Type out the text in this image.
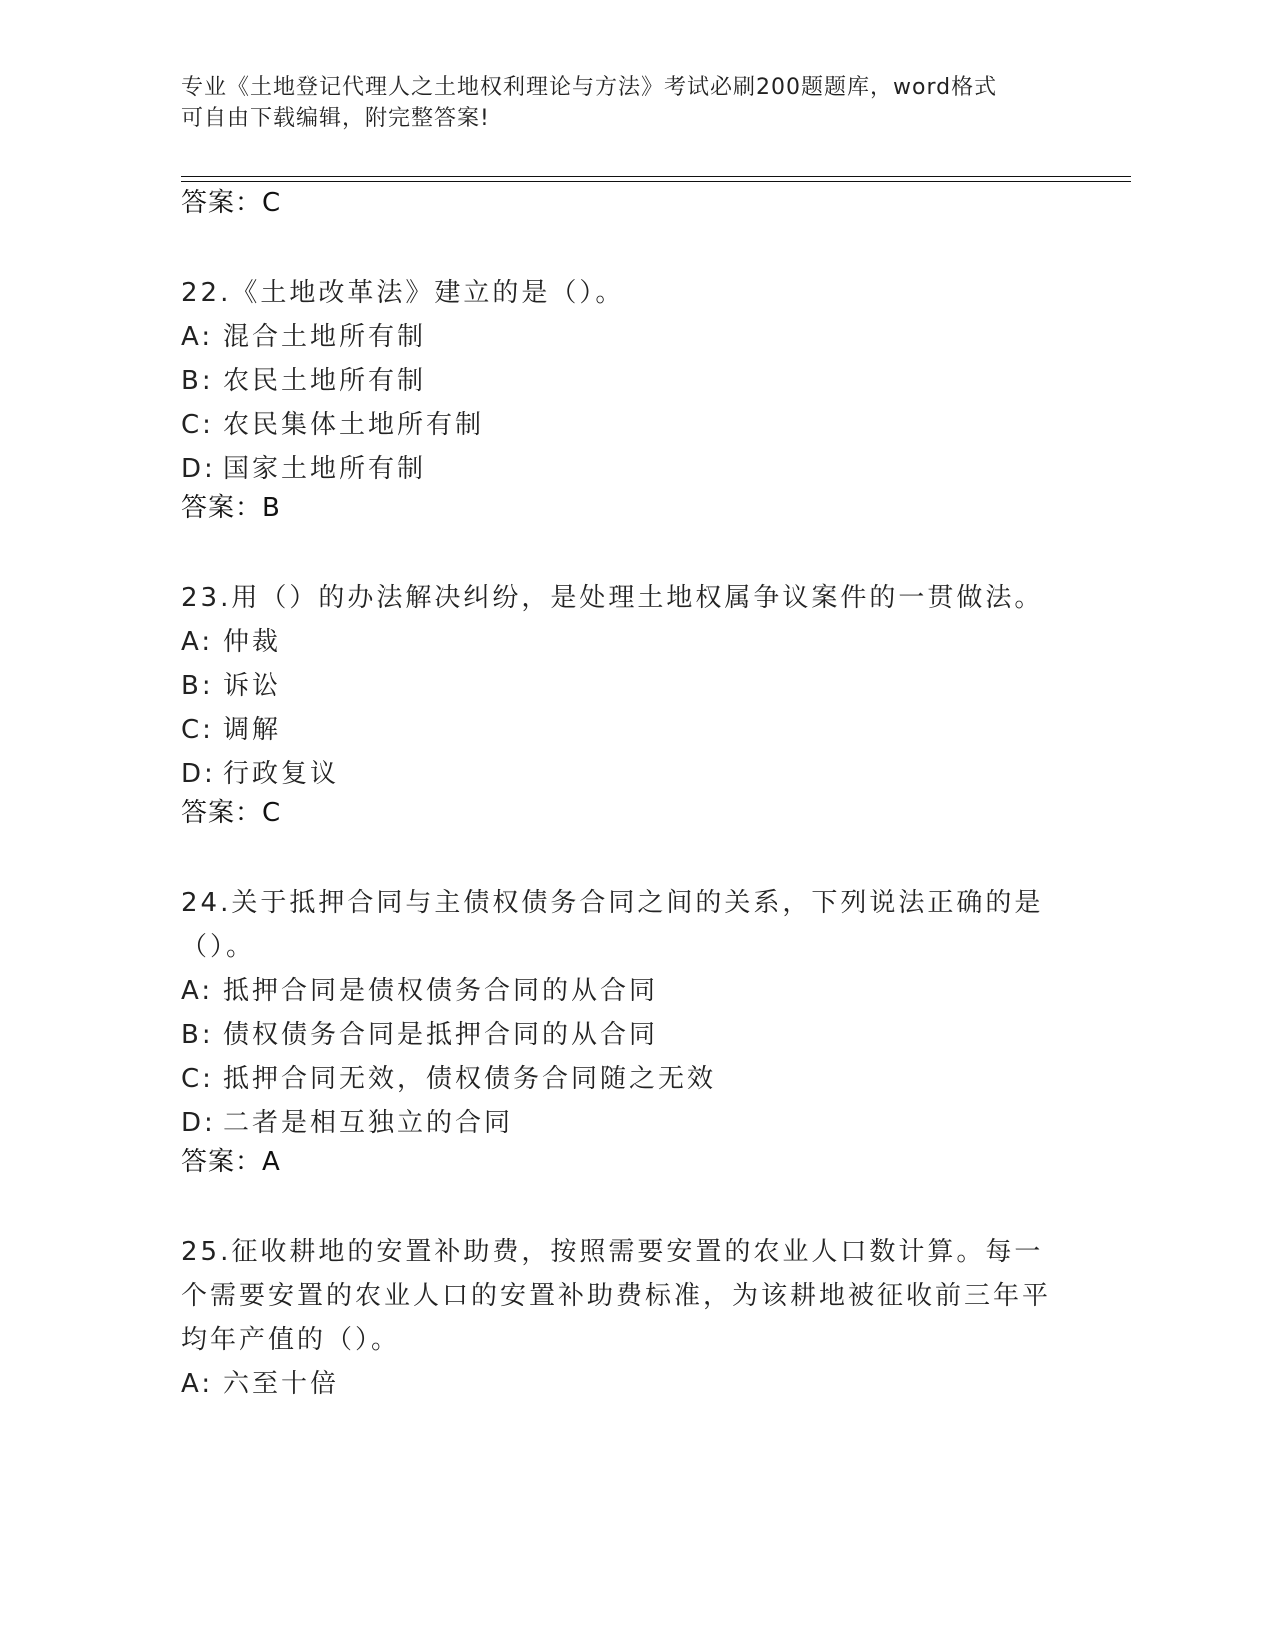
专业《土地登记代理人之土地权利理论与方法》考试必刷200题题库，word格式
可自由下载编辑，附完整答案!
答案：C
22.《土地改革法》建立的是（）。
A: 混合土地所有制
B: 农民土地所有制
C: 农民集体土地所有制
D: 国家土地所有制
答案：B
23.用（）的办法解决纠纷，是处理土地权属争议案件的一贯做法。
A: 仲裁
B: 诉讼
C: 调解
D: 行政复议
答案：C
24.关于抵押合同与主债权债务合同之间的关系，下列说法正确的是（）。
A: 抵押合同是债权债务合同的从合同
B: 债权债务合同是抵押合同的从合同
C: 抵押合同无效，债权债务合同随之无效
D: 二者是相互独立的合同
答案：A
25.征收耕地的安置补助费，按照需要安置的农业人口数计算。每一个需要安置的农业人口的安置补助费标准，为该耕地被征收前三年平均年产值的（）。
A: 六至十倍
